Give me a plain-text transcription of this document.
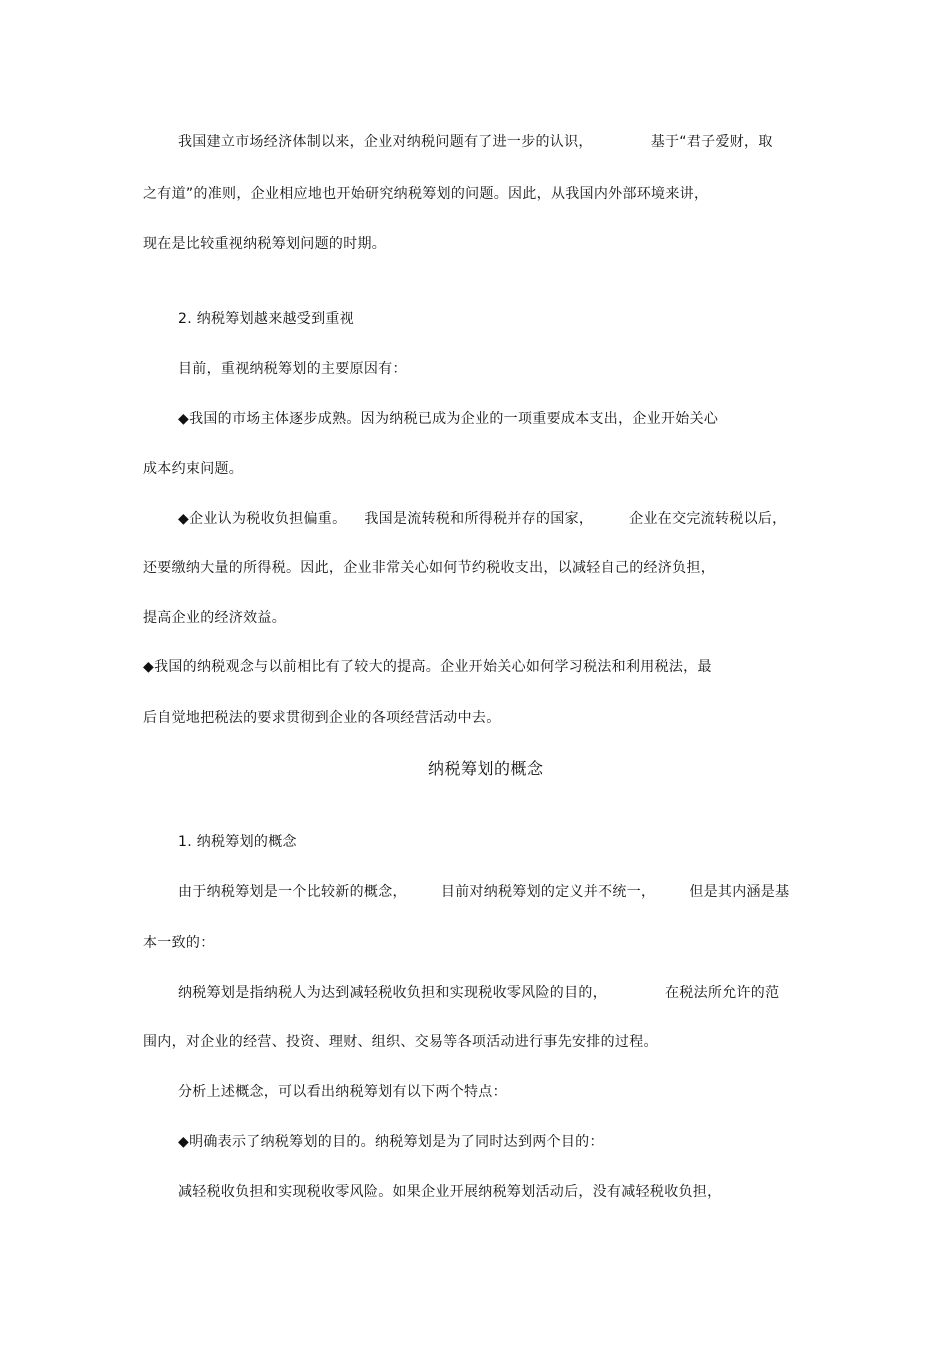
我国建立市场经济体制以来，企业对纳税问题有了进一步的认识，	基于“君子爱财，取
之有道”的准则，企业相应地也开始研究纳税筹划的问题。因此，从我国内外部环境来讲，
现在是比较重视纳税筹划问题的时期。
2. 纳税筹划越来越受到重视
目前，重视纳税筹划的主要原因有：
◆我国的市场主体逐步成熟。因为纳税已成为企业的一项重要成本支出，企业开始关心
成本约束问题。
◆企业认为税收负担偏重。 我国是流转税和所得税并存的国家，	企业在交完流转税以后，
还要缴纳大量的所得税。因此，企业非常关心如何节约税收支出，以减轻自己的经济负担，
提高企业的经济效益。
◆我国的纳税观念与以前相比有了较大的提高。企业开始关心如何学习税法和利用税法，最
后自觉地把税法的要求贯彻到企业的各项经营活动中去。
纳税筹划的概念
1. 纳税筹划的概念
由于纳税筹划是一个比较新的概念， 目前对纳税筹划的定义并不统一， 但是其内涵是基
本一致的：
纳税筹划是指纳税人为达到减轻税收负担和实现税收零风险的目的，	在税法所允许的范
围内，对企业的经营、投资、理财、组织、交易等各项活动进行事先安排的过程。
分析上述概念，可以看出纳税筹划有以下两个特点：
◆明确表示了纳税筹划的目的。纳税筹划是为了同时达到两个目的：
减轻税收负担和实现税收零风险。如果企业开展纳税筹划活动后，没有减轻税收负担，
